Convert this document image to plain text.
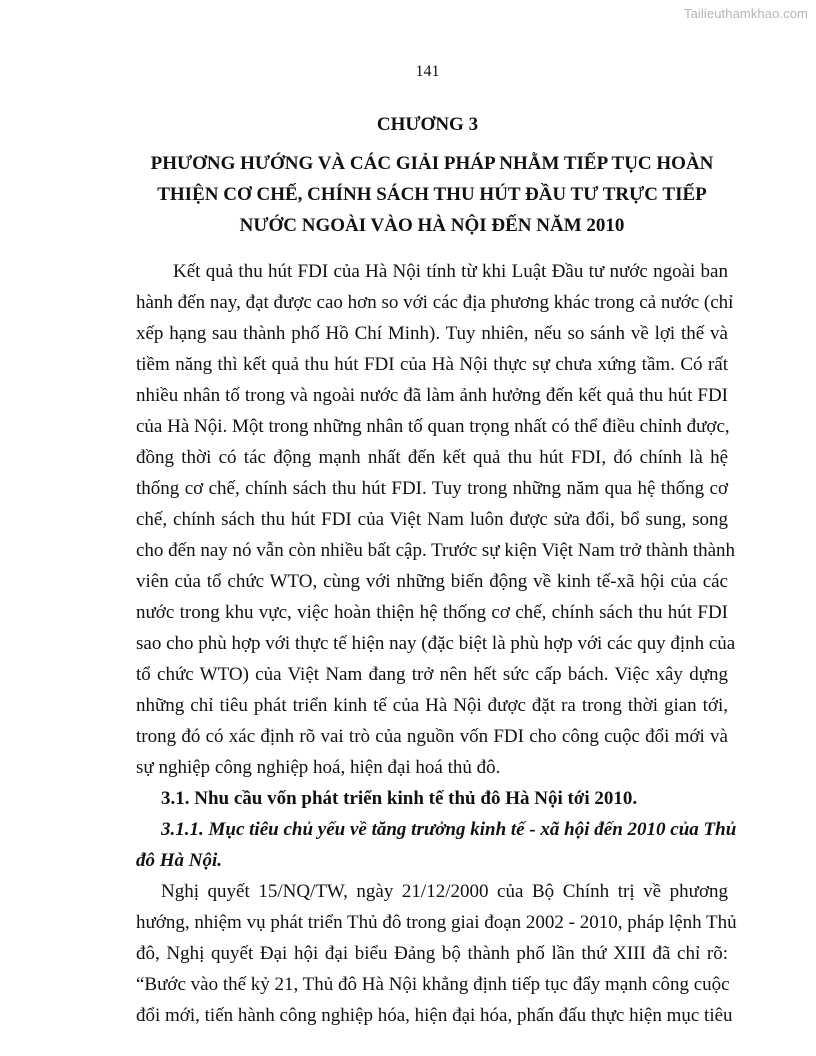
Tailieuthamkhao.com
141
CHƯƠNG 3
PHƯƠNG HƯỚNG VÀ CÁC GIẢI PHÁP NHẰM TIẾP TỤC HOÀN
THIỆN CƠ CHẾ, CHÍNH SÁCH THU HÚT ĐẦU TƯ TRỰC TIẾP
NƯỚC NGOÀI VÀO HÀ NỘI ĐẾN NĂM 2010
Kết quả thu hút FDI của Hà Nội tính từ khi Luật Đầu tư nước ngoài ban
hành đến nay, đạt được cao hơn so với các địa phương khác trong cả nước (chỉ
xếp hạng sau thành phố Hồ Chí Minh). Tuy nhiên, nếu so sánh về lợi thế và
tiềm năng thì kết quả thu hút FDI của Hà Nội thực sự chưa xứng tầm. Có rất
nhiều nhân tố trong và ngoài nước đã làm ảnh hưởng đến kết quả thu hút FDI
của Hà Nội. Một trong những nhân tố quan trọng nhất có thể điều chỉnh được,
đồng thời có tác động mạnh nhất đến kết quả thu hút FDI, đó chính là hệ
thống cơ chế, chính sách thu hút FDI. Tuy trong những năm qua hệ thống cơ
chế, chính sách thu hút FDI của Việt Nam luôn được sửa đổi, bổ sung, song
cho đến nay nó vẫn còn nhiều bất cập. Trước sự kiện Việt Nam trở thành thành
viên của tổ chức WTO, cùng với những biến động về kinh tế-xã hội của các
nước trong khu vực, việc hoàn thiện hệ thống cơ chế, chính sách thu hút FDI
sao cho phù hợp với thực tế hiện nay (đặc biệt là phù hợp với các quy định của
tổ chức WTO) của Việt Nam đang trở nên hết sức cấp bách. Việc xây dựng
những chỉ tiêu phát triển kinh tế của Hà Nội được đặt ra trong thời gian tới,
trong đó có xác định rõ vai trò của nguồn vốn FDI cho công cuộc đổi mới và
sự nghiệp công nghiệp hoá, hiện đại hoá thủ đô.
3.1. Nhu cầu vốn phát triển kinh tế thủ đô Hà Nội tới 2010.
3.1.1. Mục tiêu chủ yếu về tăng trưởng kinh tế - xã hội đến 2010 của Thủ
đô Hà Nội.
Nghị quyết 15/NQ/TW, ngày 21/12/2000 của Bộ Chính trị về phương
hướng, nhiệm vụ phát triển Thủ đô trong giai đoạn 2002 - 2010, pháp lệnh Thủ
đô, Nghị quyết Đại hội đại biểu Đảng bộ thành phố lần thứ XIII đã chỉ rõ:
“Bước vào thế kỷ 21, Thủ đô Hà Nội khẳng định tiếp tục đẩy mạnh công cuộc
đổi mới, tiến hành công nghiệp hóa, hiện đại hóa, phấn đấu thực hiện mục tiêu
